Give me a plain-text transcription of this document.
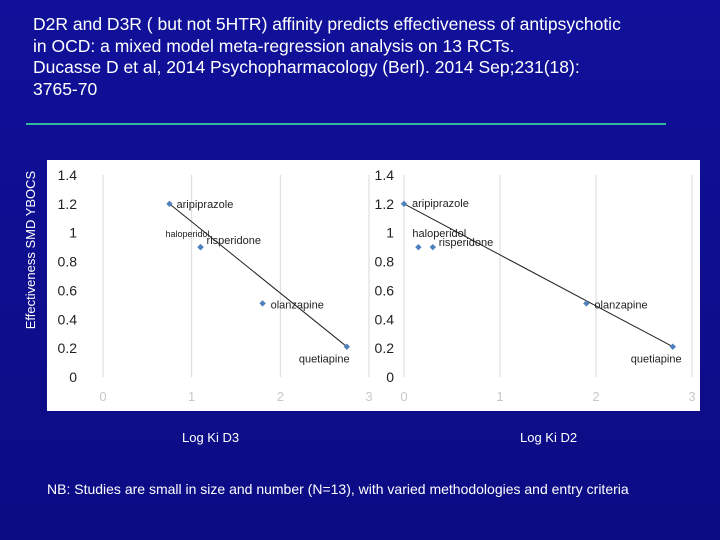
D2R and D3R ( but not 5HTR) affinity predicts effectiveness of antipsychotic
in OCD: a mixed model meta-regression analysis on 13 RCTs.
Ducasse D et al, 2014 Psychopharmacology (Berl). 2014 Sep;231(18):
3765-70
Effectiveness SMD YBOCS
0	1	2	3
0
0.2
0.4
0.6
0.8
1
1.2
1.4
aripiprazole
haloperidol
risperidone
olanzapine
quetiapine
0	1	2	3
0
0.2
0.4
0.6
0.8
1
1.2
1.4
aripiprazole
haloperidol
risperidone
olanzapine
quetiapine
Log Ki D3	Log Ki D2
NB: Studies are small in size and number (N=13), with varied methodologies and entry criteria
